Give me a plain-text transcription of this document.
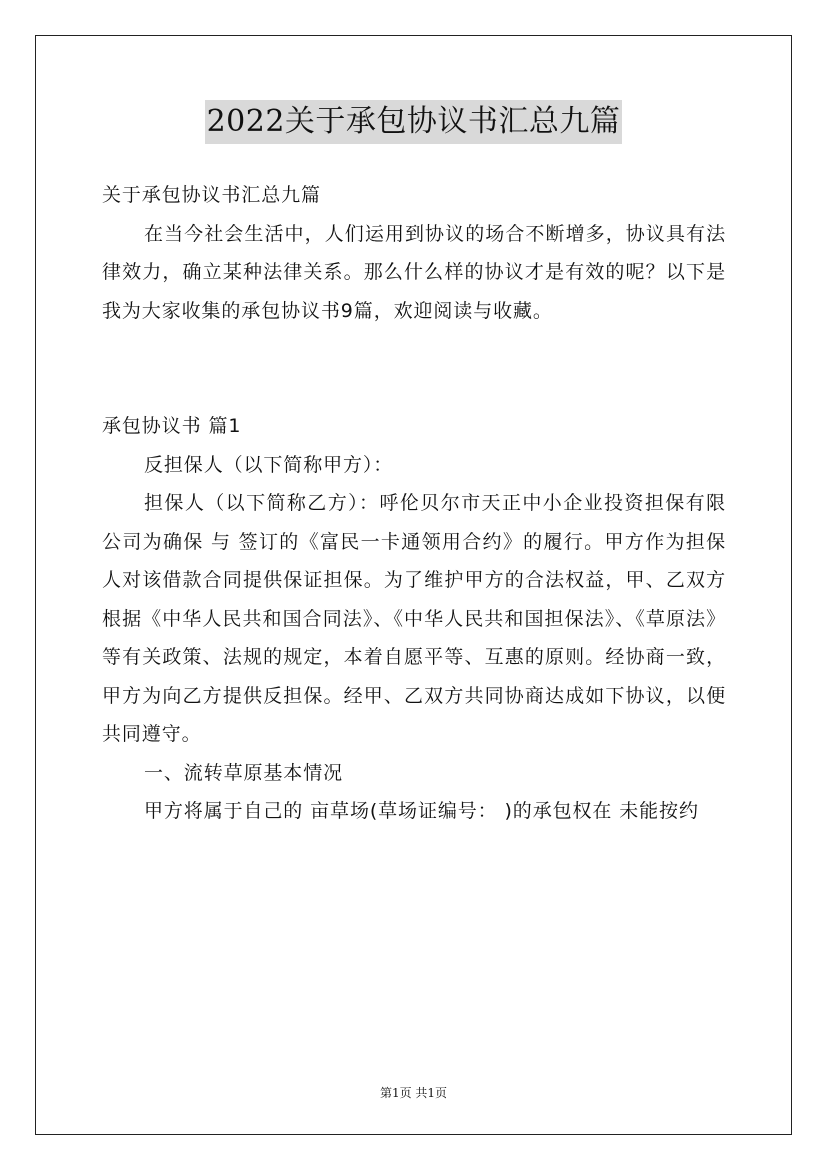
2022关于承包协议书汇总九篇

关于承包协议书汇总九篇

在当今社会生活中，人们运用到协议的场合不断增多，协议具有法律效力，确立某种法律关系。那么什么样的协议才是有效的呢？以下是我为大家收集的承包协议书9篇，欢迎阅读与收藏。

承包协议书 篇1

反担保人（以下简称甲方）：

担保人（以下简称乙方）：呼伦贝尔市天正中小企业投资担保有限公司为确保 与 签订的《富民一卡通领用合约》的履行。甲方作为担保人对该借款合同提供保证担保。为了维护甲方的合法权益，甲、乙双方根据《中华人民共和国合同法》、《中华人民共和国担保法》、《草原法》等有关政策、法规的规定，本着自愿平等、互惠的原则。经协商一致，甲方为向乙方提供反担保。经甲、乙双方共同协商达成如下协议，以便共同遵守。

一、流转草原基本情况

甲方将属于自己的 亩草场(草场证编号： )的承包权在 未能按约

第1页 共1页
